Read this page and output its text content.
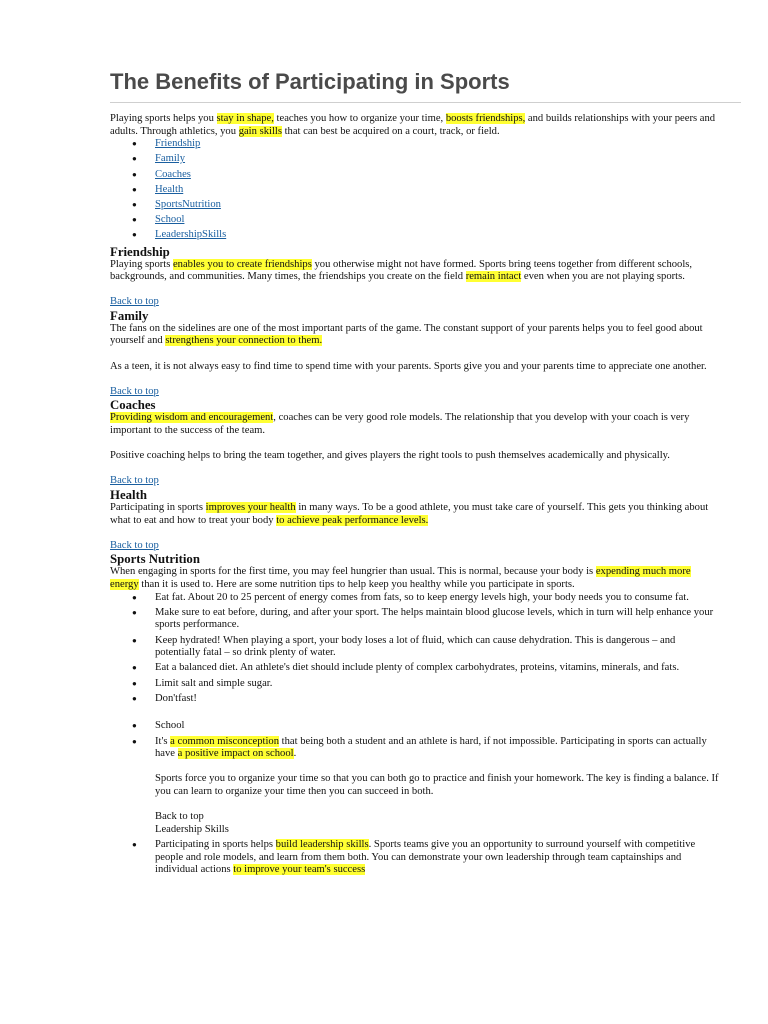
The Benefits of Participating in Sports

Playing sports helps you stay in shape, teaches you how to organize your time, boosts friendships, and builds relationships with your peers and adults. Through athletics, you gain skills that can best be acquired on a court, track, or field.

● Friendship
● Family
● Coaches
● Health
● SportsNutrition
● School
● LeadershipSkills
Friendship

Playing sports enables you to create friendships you otherwise might not have formed. Sports bring teens together from different schools, backgrounds, and communities. Many times, the friendships you create on the field remain intact even when you are not playing sports.

Back to top

Family

The fans on the sidelines are one of the most important parts of the game. The constant support of your parents helps you to feel good about yourself and strengthens your connection to them.

As a teen, it is not always easy to find time to spend time with your parents. Sports give you and your parents time to appreciate one another.

Back to top

Coaches

Providing wisdom and encouragement, coaches can be very good role models. The relationship that you develop with your coach is very important to the success of the team.

Positive coaching helps to bring the team together, and gives players the right tools to push themselves academically and physically.

Back to top

Health

Participating in sports improves your health in many ways. To be a good athlete, you must take care of yourself. This gets you thinking about what to eat and how to treat your body to achieve peak performance levels.

Back to top

Sports Nutrition

When engaging in sports for the first time, you may feel hungrier than usual. This is normal, because your body is expending much more energy than it is used to. Here are some nutrition tips to help keep you healthy while you participate in sports.

● Eat fat. About 20 to 25 percent of energy comes from fats, so to keep energy levels high, your body needs you to consume fat.
● Make sure to eat before, during, and after your sport. The helps maintain blood glucose levels, which in turn will help enhance your sports performance.
● Keep hydrated! When playing a sport, your body loses a lot of fluid, which can cause dehydration. This is dangerous – and potentially fatal – so drink plenty of water.
● Eat a balanced diet. An athlete's diet should include plenty of complex carbohydrates, proteins, vitamins, minerals, and fats.
● Limit salt and simple sugar.
● Don'tfast!
● School
● It's a common misconception that being both a student and an athlete is hard, if not impossible. Participating in sports can actually have a positive impact on school.
Sports force you to organize your time so that you can both go to practice and finish your homework. The key is finding a balance. If you can learn to organize your time then you can succeed in both.
Back to top
Leadership Skills
● Participating in sports helps build leadership skills. Sports teams give you an opportunity to surround yourself with competitive people and role models, and learn from them both. You can demonstrate your own leadership through team captainships and individual actions to improve your team's success
